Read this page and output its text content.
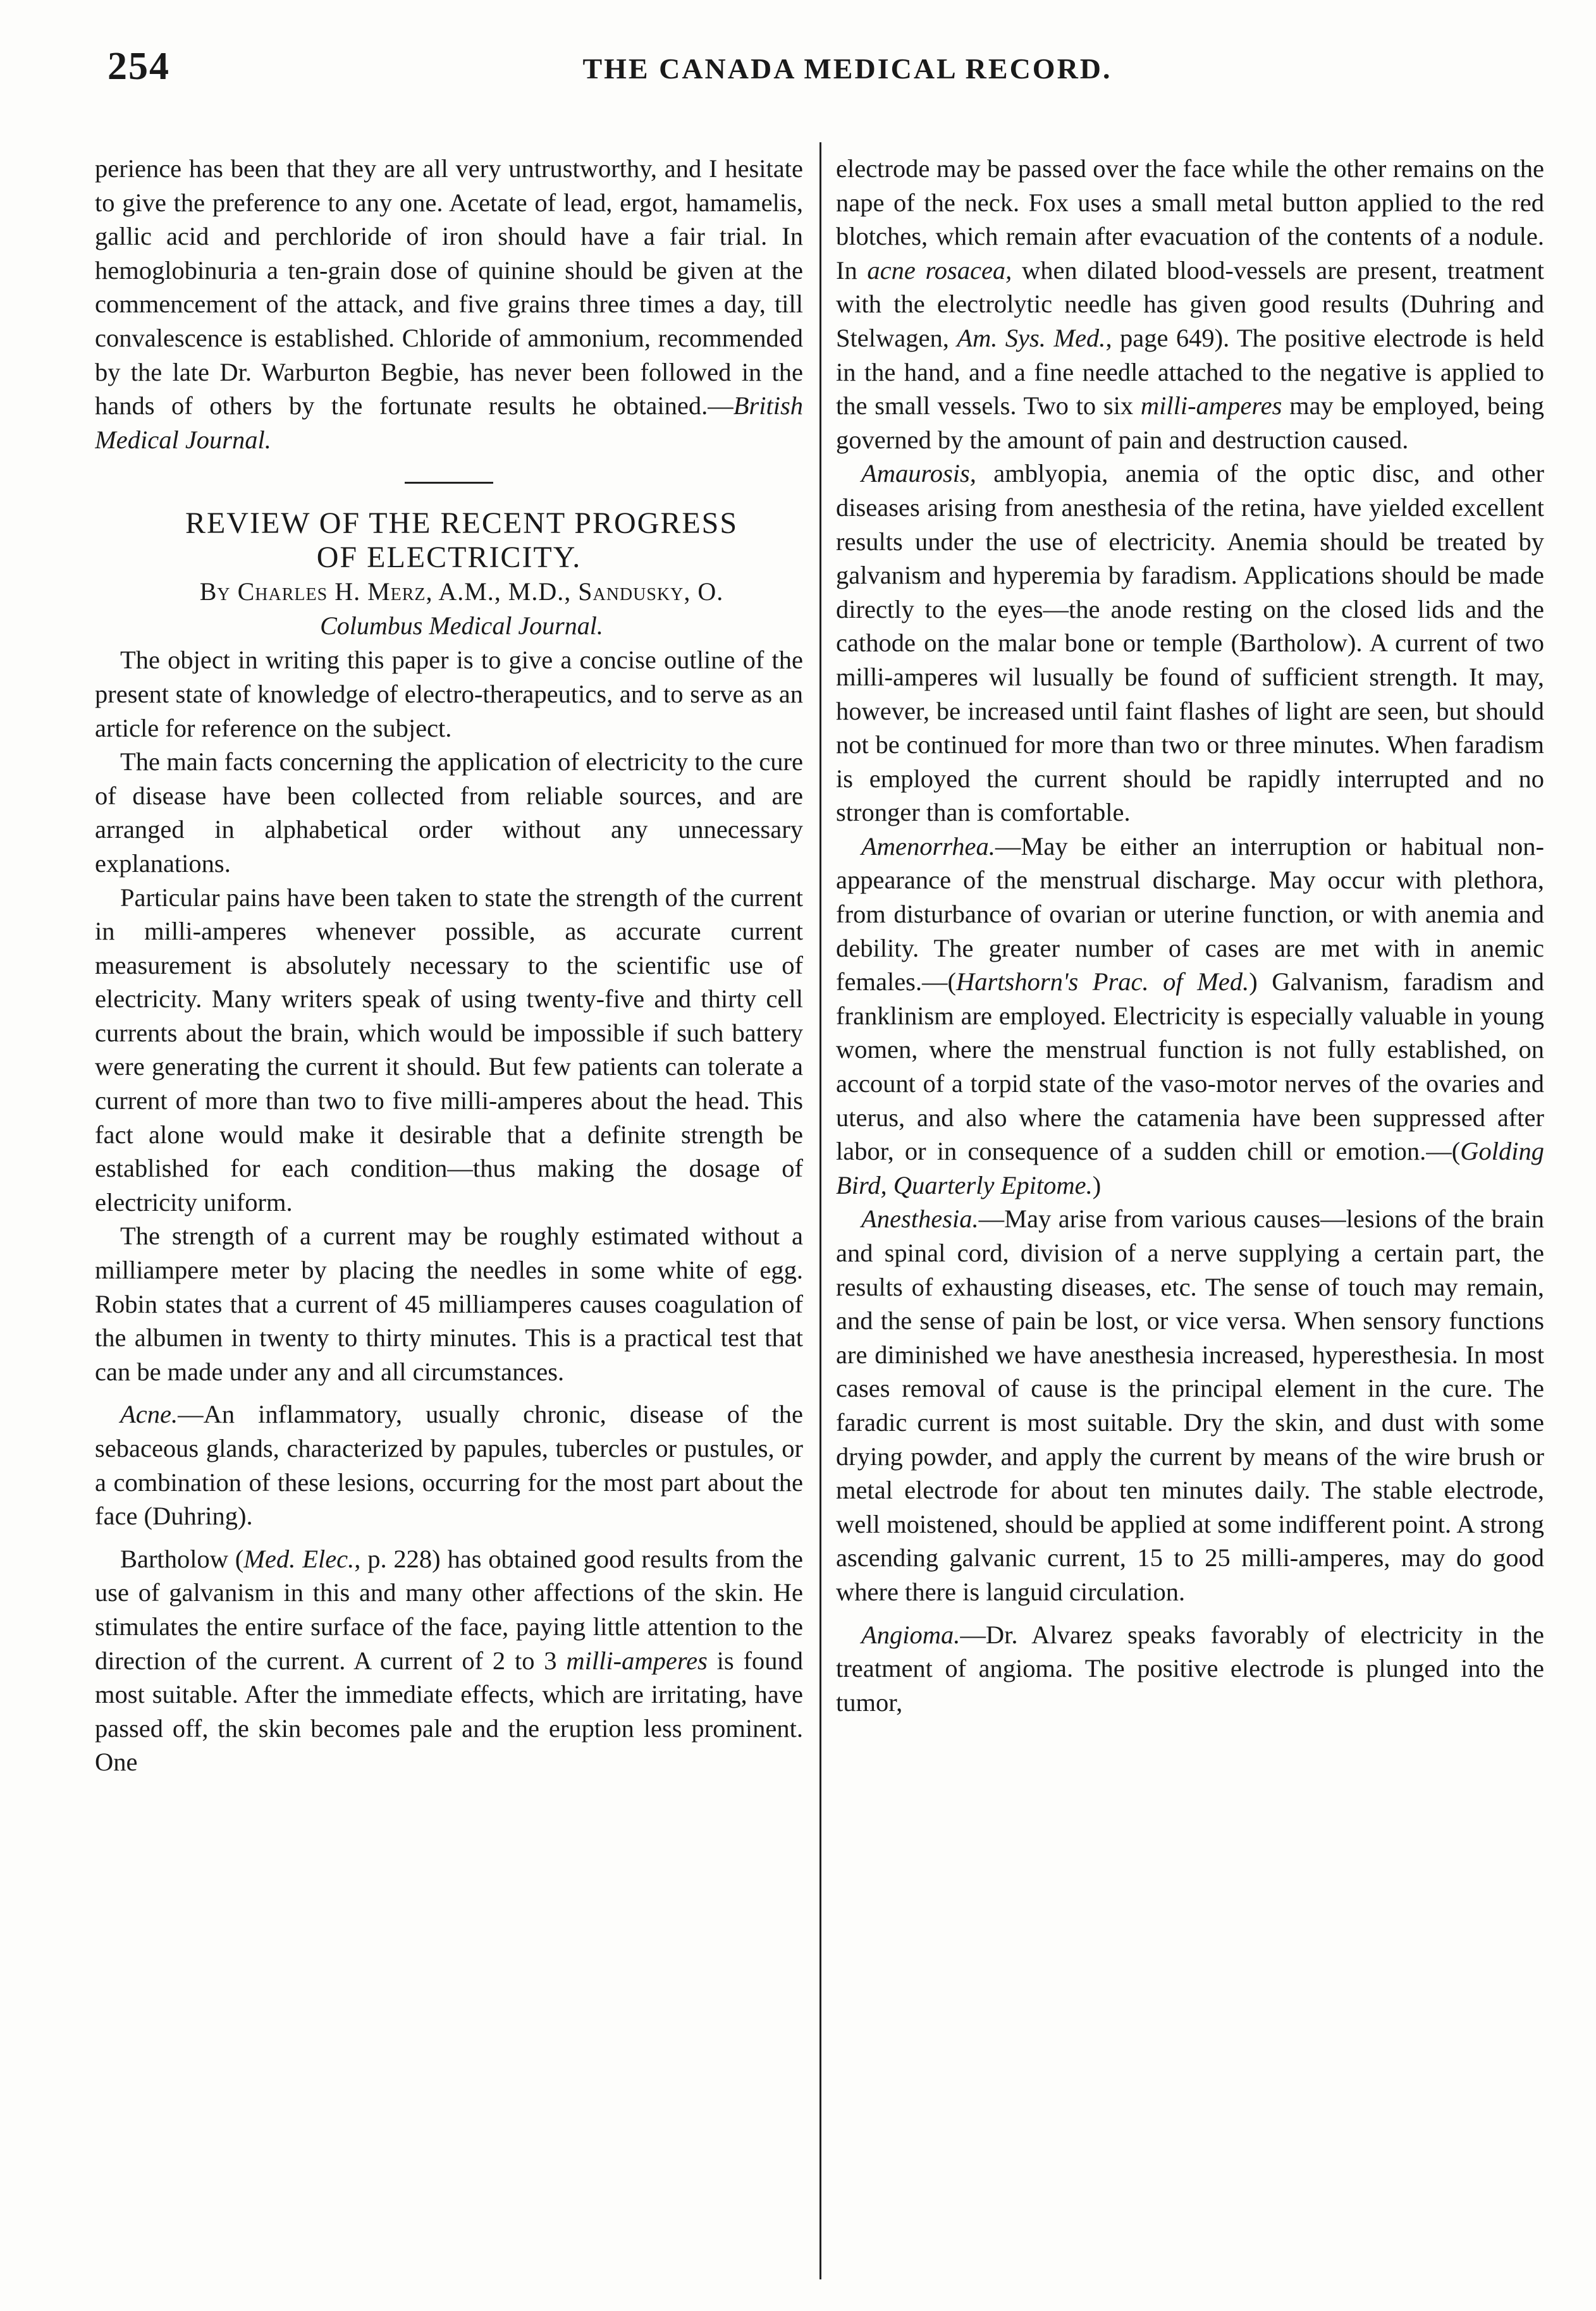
254	THE CANADA MEDICAL RECORD.

perience has been that they are all very untrustworthy, and I hesitate to give the preference to any one. Acetate of lead, ergot, hamamelis, gallic acid and perchloride of iron should have a fair trial. In hemoglobinuria a ten-grain dose of quinine should be given at the commencement of the attack, and five grains three times a day, till convalescence is established. Chloride of ammonium, recommended by the late Dr. Warburton Begbie, has never been followed in the hands of others by the fortunate results he obtained.—British Medical Journal.

REVIEW OF THE RECENT PROGRESS
OF ELECTRICITY.

By Charles H. Merz, A.M., M.D., Sandusky, O.

Columbus Medical Journal.

The object in writing this paper is to give a concise outline of the present state of knowledge of electro-therapeutics, and to serve as an article for reference on the subject.

The main facts concerning the application of electricity to the cure of disease have been collected from reliable sources, and are arranged in alphabetical order without any unnecessary explanations.

Particular pains have been taken to state the strength of the current in milli-amperes whenever possible, as accurate current measurement is absolutely necessary to the scientific use of electricity. Many writers speak of using twenty-five and thirty cell currents about the brain, which would be impossible if such battery were generating the current it should. But few patients can tolerate a current of more than two to five milli-amperes about the head. This fact alone would make it desirable that a definite strength be established for each condition—thus making the dosage of electricity uniform.

The strength of a current may be roughly estimated without a milliampere meter by placing the needles in some white of egg. Robin states that a current of 45 milliamperes causes coagulation of the albumen in twenty to thirty minutes. This is a practical test that can be made under any and all circumstances.

Acne.—An inflammatory, usually chronic, disease of the sebaceous glands, characterized by papules, tubercles or pustules, or a combination of these lesions, occurring for the most part about the face (Duhring).

Bartholow (Med. Elec., p. 228) has obtained good results from the use of galvanism in this and many other affections of the skin. He stimulates the entire surface of the face, paying little attention to the direction of the current. A current of 2 to 3 milli-amperes is found most suitable. After the immediate effects, which are irritating, have passed off, the skin becomes pale and the eruption less prominent. One

electrode may be passed over the face while the other remains on the nape of the neck. Fox uses a small metal button applied to the red blotches, which remain after evacuation of the contents of a nodule. In acne rosacea, when dilated blood-vessels are present, treatment with the electrolytic needle has given good results (Duhring and Stelwagen, Am. Sys. Med., page 649). The positive electrode is held in the hand, and a fine needle attached to the negative is applied to the small vessels. Two to six milli-amperes may be employed, being governed by the amount of pain and destruction caused.

Amaurosis, amblyopia, anemia of the optic disc, and other diseases arising from anesthesia of the retina, have yielded excellent results under the use of electricity. Anemia should be treated by galvanism and hyperemia by faradism. Applications should be made directly to the eyes—the anode resting on the closed lids and the cathode on the malar bone or temple (Bartholow). A current of two milli-amperes wil lusually be found of sufficient strength. It may, however, be increased until faint flashes of light are seen, but should not be continued for more than two or three minutes. When faradism is employed the current should be rapidly interrupted and no stronger than is comfortable.

Amenorrhea.—May be either an interruption or habitual non-appearance of the menstrual discharge. May occur with plethora, from disturbance of ovarian or uterine function, or with anemia and debility. The greater number of cases are met with in anemic females.—(Hartshorn's Prac. of Med.) Galvanism, faradism and franklinism are employed. Electricity is especially valuable in young women, where the menstrual function is not fully established, on account of a torpid state of the vaso-motor nerves of the ovaries and uterus, and also where the catamenia have been suppressed after labor, or in consequence of a sudden chill or emotion.—(Golding Bird, Quarterly Epitome.)

Anesthesia.—May arise from various causes—lesions of the brain and spinal cord, division of a nerve supplying a certain part, the results of exhausting diseases, etc. The sense of touch may remain, and the sense of pain be lost, or vice versa. When sensory functions are diminished we have anesthesia increased, hyperesthesia. In most cases removal of cause is the principal element in the cure. The faradic current is most suitable. Dry the skin, and dust with some drying powder, and apply the current by means of the wire brush or metal electrode for about ten minutes daily. The stable electrode, well moistened, should be applied at some indifferent point. A strong ascending galvanic current, 15 to 25 milli-amperes, may do good where there is languid circulation.

Angioma.—Dr. Alvarez speaks favorably of electricity in the treatment of angioma. The positive electrode is plunged into the tumor,
